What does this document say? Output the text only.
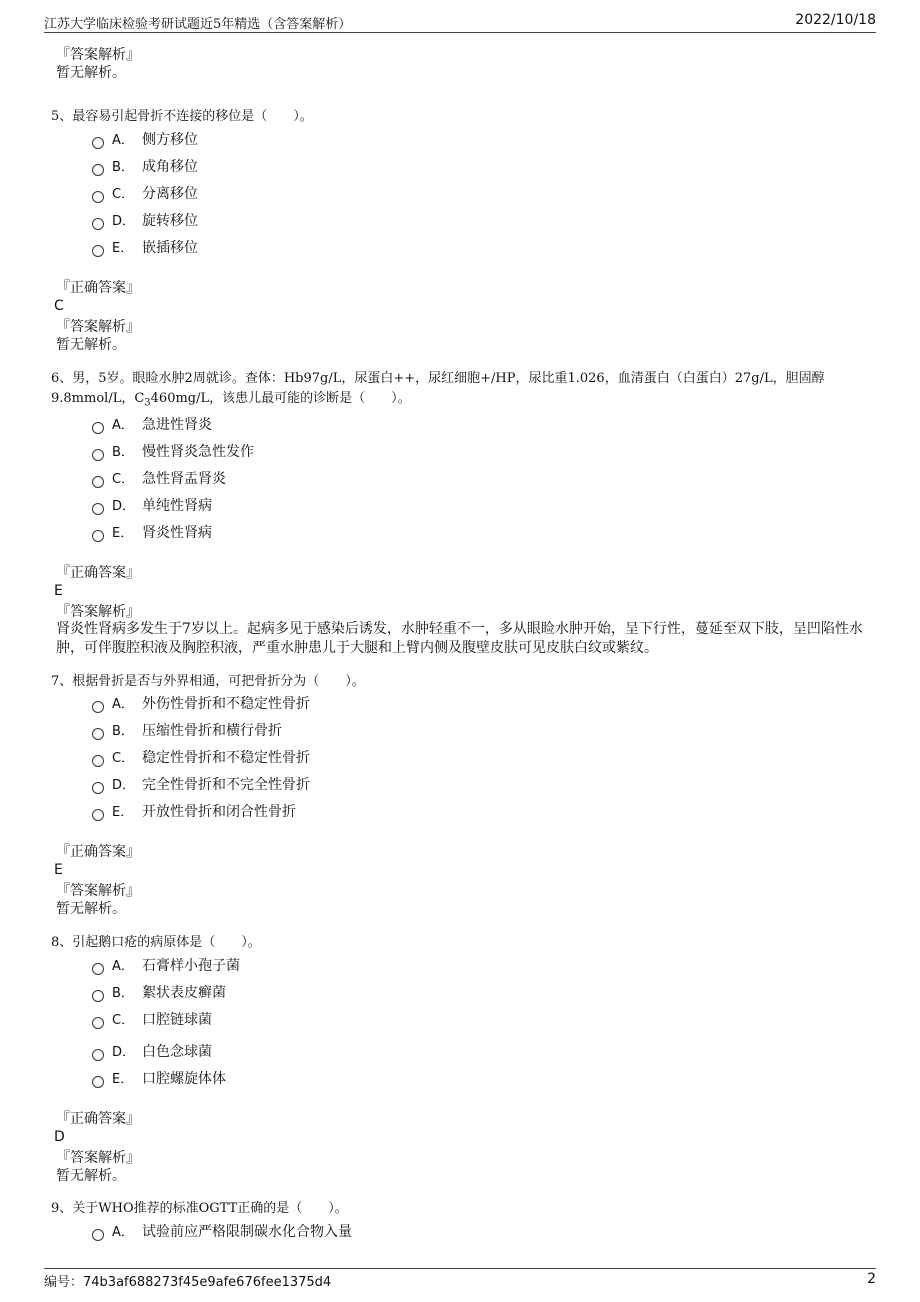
江苏大学临床检验考研试题近5年精选（含答案解析）	2022/10/18
『答案解析』
暂无解析。
5、最容易引起骨折不连接的移位是（　　）。
A． 侧方移位
B． 成角移位
C． 分离移位
D． 旋转移位
E． 嵌插移位
『正确答案』
C
『答案解析』
暂无解析。
6、男，5岁。眼睑水肿2周就诊。查体：Hb97g/L，尿蛋白++，尿红细胞+/HP，尿比重1.026，血清蛋白（白蛋白）27g/L，胆固醇
9.8mmol/L，$C_3460mg/L$，该患儿最可能的诊断是（　　）。
A． 急进性肾炎
B． 慢性肾炎急性发作
C． 急性肾盂肾炎
D． 单纯性肾病
E． 肾炎性肾病
『正确答案』
E
『答案解析』
肾炎性肾病多发生于7岁以上。起病多见于感染后诱发，水肿轻重不一，多从眼睑水肿开始，呈下行性，蔓延至双下肢，呈凹陷性水肿，可伴腹腔积液及胸腔积液，严重水肿患儿于大腿和上臂内侧及腹壁皮肤可见皮肤白纹或紫纹。
7、根据骨折是否与外界相通，可把骨折分为（　　）。
A． 外伤性骨折和不稳定性骨折
B． 压缩性骨折和横行骨折
C． 稳定性骨折和不稳定性骨折
D． 完全性骨折和不完全性骨折
E． 开放性骨折和闭合性骨折
『正确答案』
E
『答案解析』
暂无解析。
8、引起鹅口疮的病原体是（　　）。
A． 石膏样小孢子菌
B． 絮状表皮癣菌
C． 口腔链球菌
D． 白色念球菌
E． 口腔螺旋体体
『正确答案』
D
『答案解析』
暂无解析。
9、关于WHO推荐的标准OGTT正确的是（　　）。
A． 试验前应严格限制碳水化合物入量
编号：74b3af688273f45e9afe676fee1375d4	2
